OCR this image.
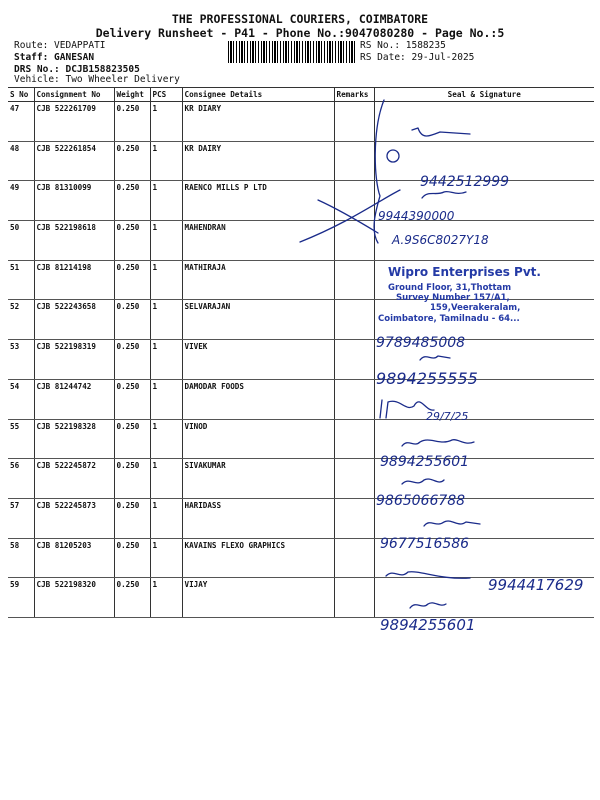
THE PROFESSIONAL COURIERS, COIMBATORE
Delivery Runsheet - P41 - Phone No.:9047080280 - Page No.:5
Route: VEDAPPATI
Staff: GANESAN
DRS No.: DCJB158823505
Vehicle: Two Wheeler Delivery
RS No.: 1588235
RS Date: 29-Jul-2025
S No	Consignment No	Weight	PCS	Consignee Details	Remarks	Seal & Signature
47	CJB 522261709	0.250	1	KR DIARY		
48	CJB 522261854	0.250	1	KR DAIRY		
49	CJB 81310099	0.250	1	RAENCO MILLS P LTD		
50	CJB 522198618	0.250	1	MAHENDRAN		
51	CJB 81214198	0.250	1	MATHIRAJA		
52	CJB 522243658	0.250	1	SELVARAJAN		
53	CJB 522198319	0.250	1	VIVEK		
54	CJB 81244742	0.250	1	DAMODAR FOODS		
55	CJB 522198328	0.250	1	VINOD		
56	CJB 522245872	0.250	1	SIVAKUMAR		
57	CJB 522245873	0.250	1	HARIDASS		
58	CJB 81205203	0.250	1	KAVAINS FLEXO GRAPHICS		
59	CJB 522198320	0.250	1	VIJAY		
9442512999
9944390000
A.9S6C8027Y18
Wipro Enterprises Pvt.
Ground Floor, 31,Thottam
Survey Number 157/A1,
159,Veerakeralam,
Coimbatore, Tamilnadu - 64...
9789485008
9894255555
29/7/25
9894255601
9865066788
9677516586
9944417629
9894255601
